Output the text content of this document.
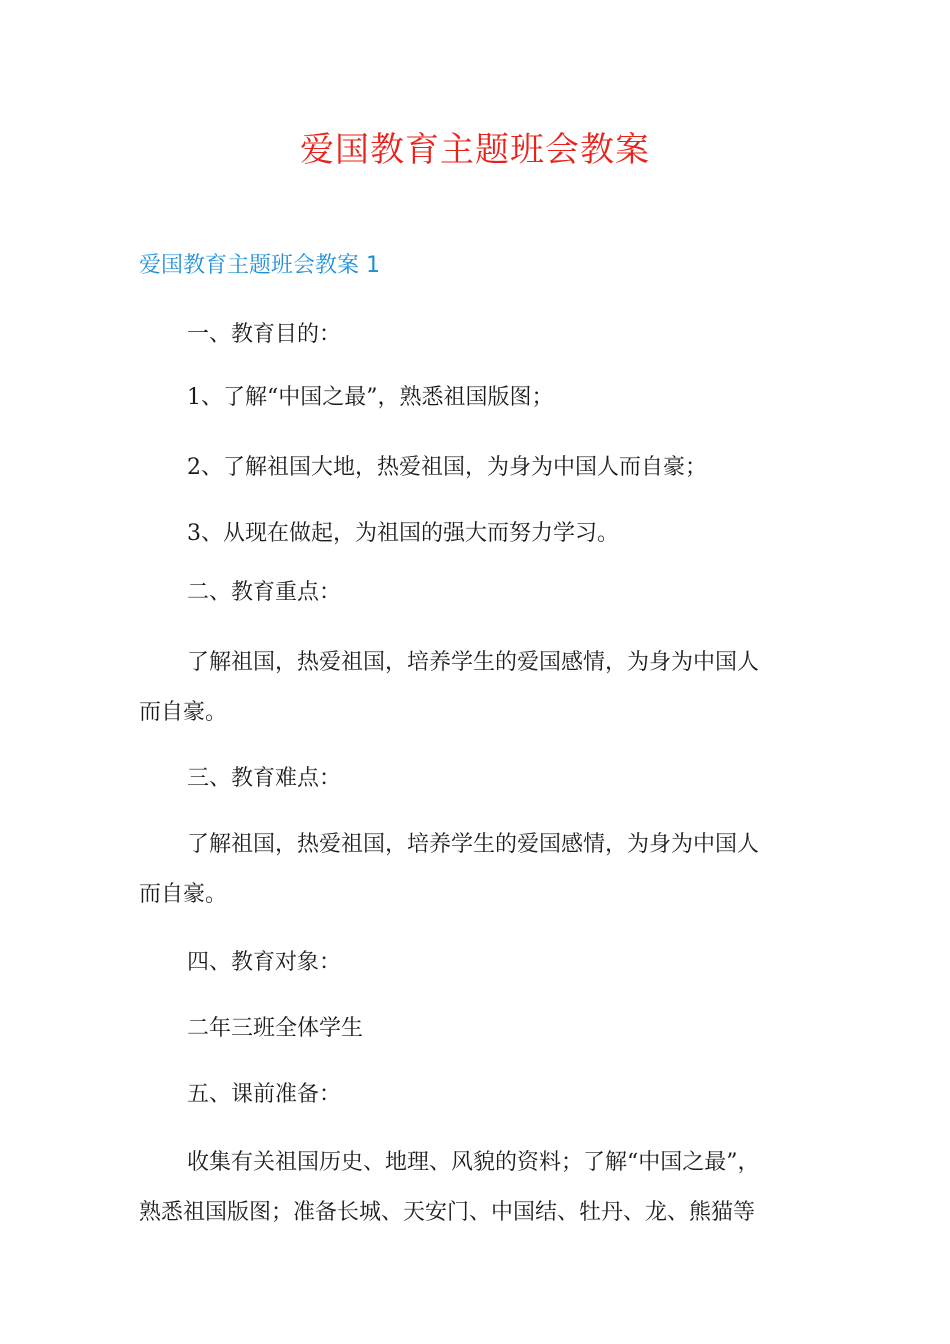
爱国教育主题班会教案
爱国教育主题班会教案 1
一、教育目的：
1、了解“中国之最”，熟悉祖国版图；
2、了解祖国大地，热爱祖国，为身为中国人而自豪；
3、从现在做起，为祖国的强大而努力学习。
二、教育重点：
了解祖国，热爱祖国，培养学生的爱国感情，为身为中国人
而自豪。
三、教育难点：
了解祖国，热爱祖国，培养学生的爱国感情，为身为中国人
而自豪。
四、教育对象：
二年三班全体学生
五、课前准备：
收集有关祖国历史、地理、风貌的资料；了解“中国之最”，
熟悉祖国版图；准备长城、天安门、中国结、牡丹、龙、熊猫等
